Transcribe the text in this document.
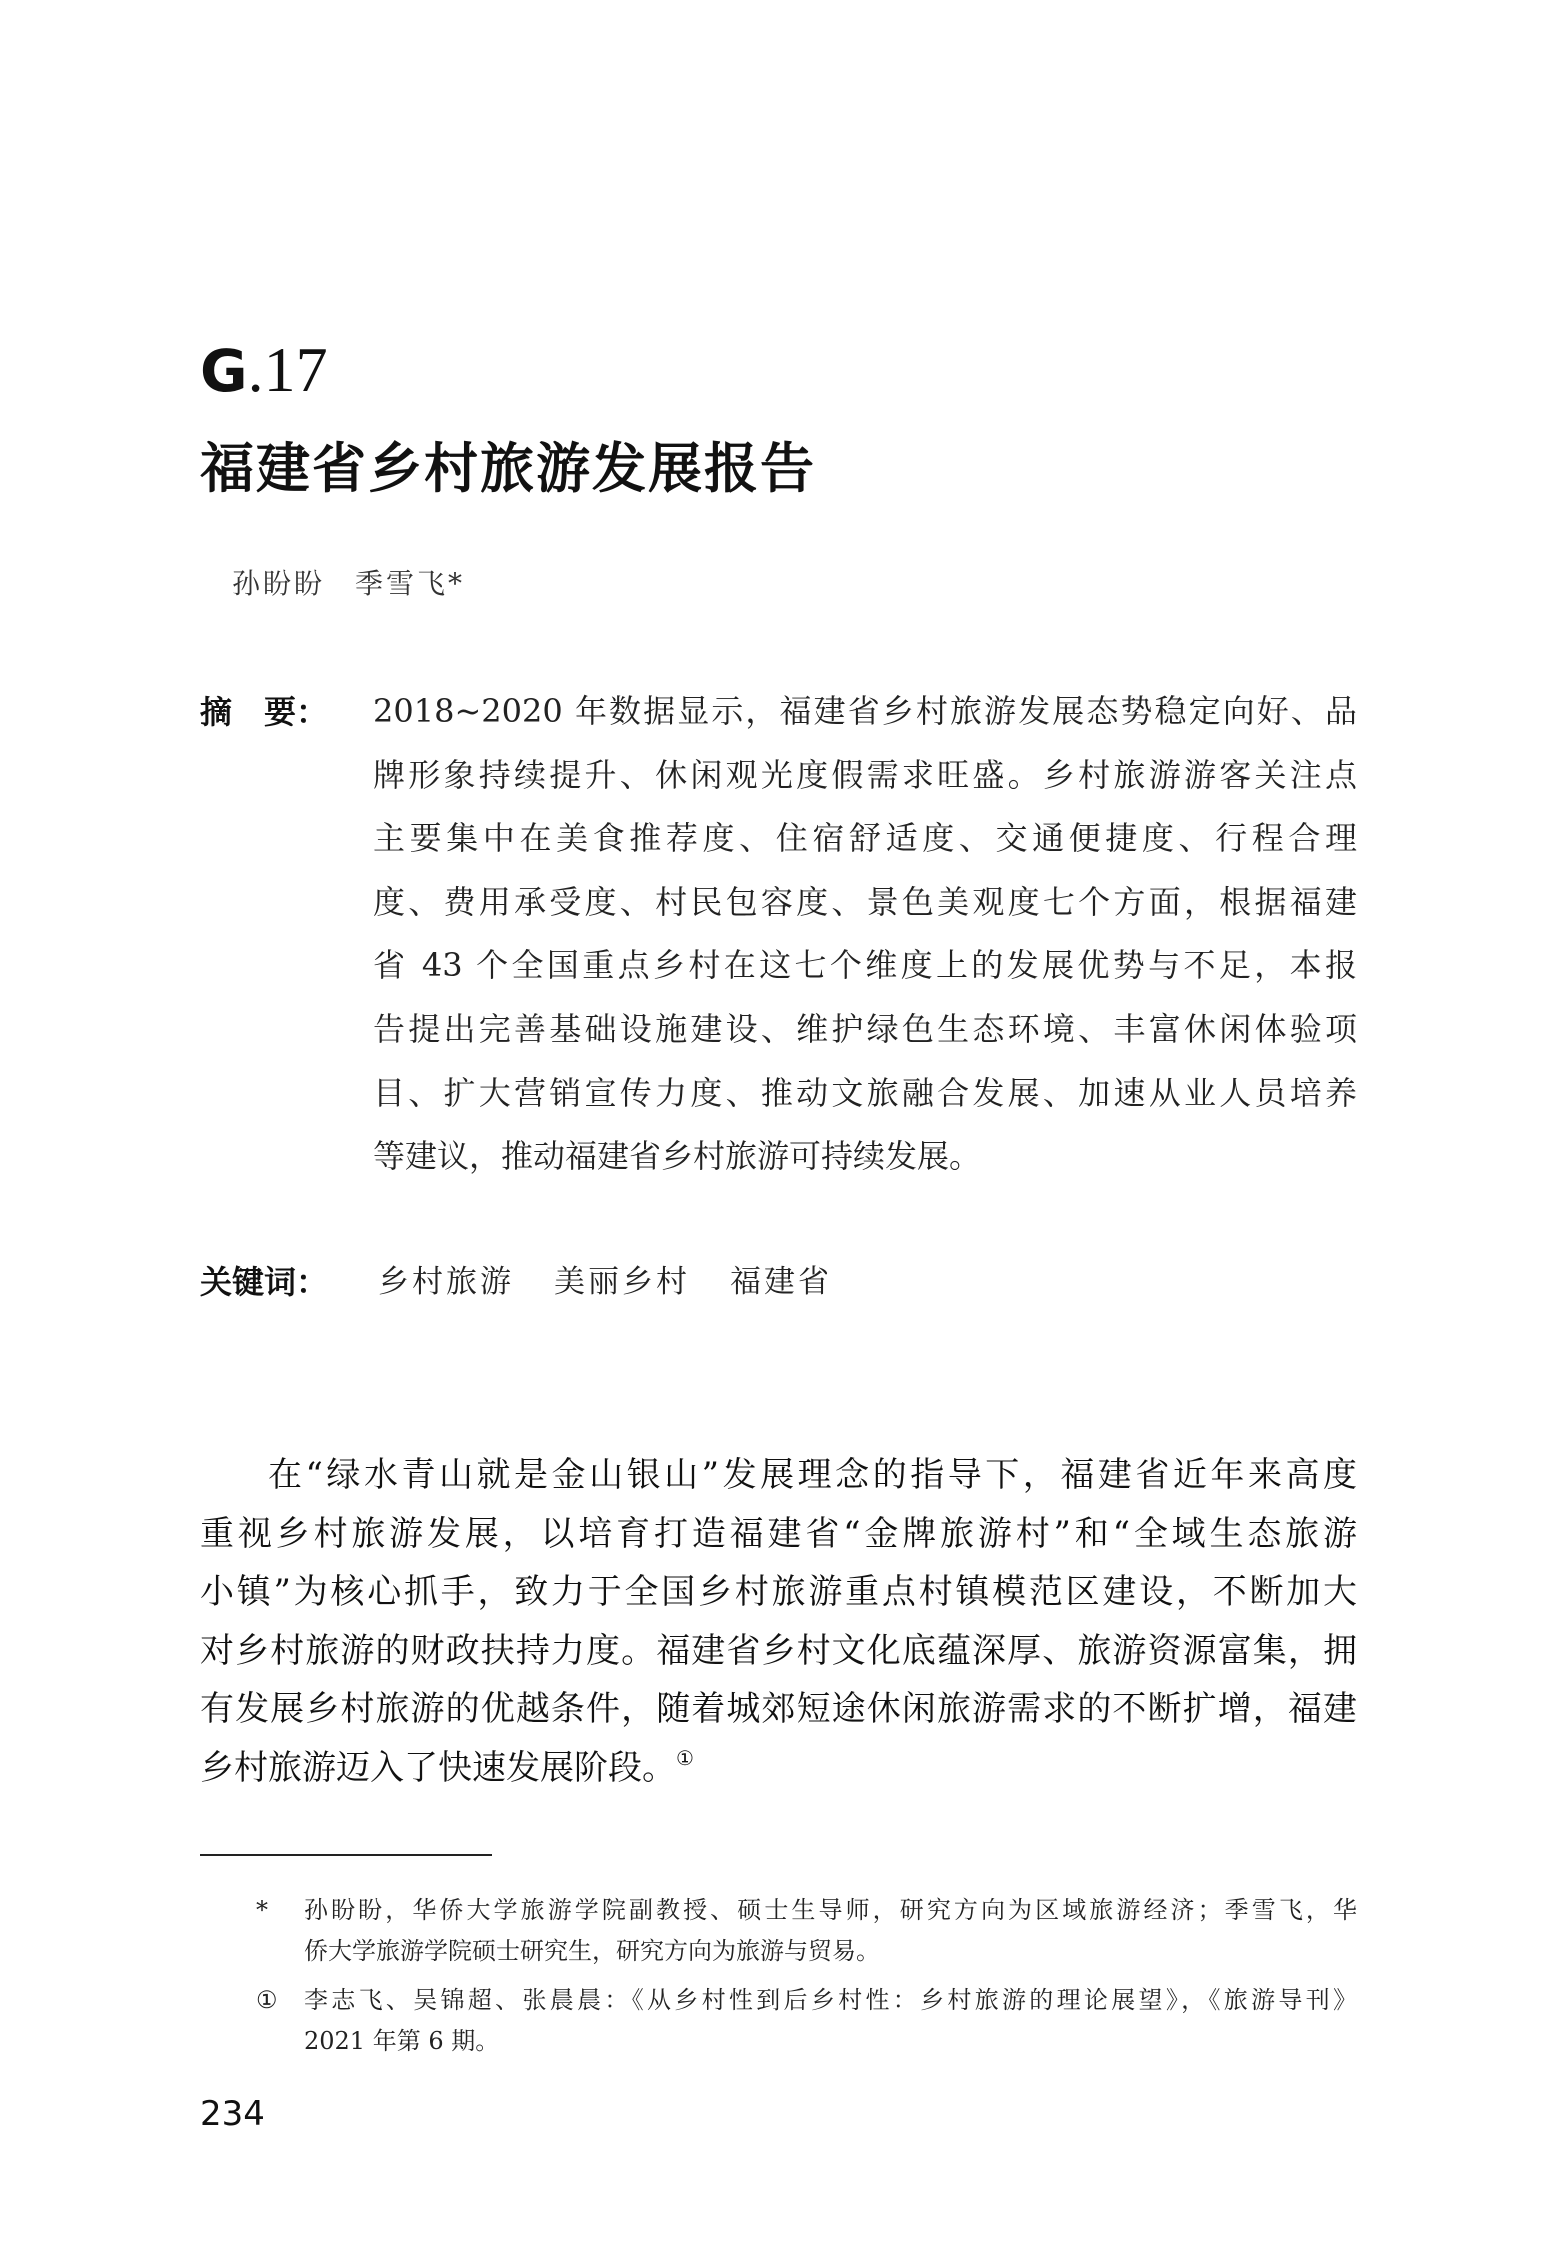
G.17
福建省乡村旅游发展报告
孙盼盼 季雪飞*
摘　要： 2018~2020 年数据显示，福建省乡村旅游发展态势稳定向好、品
牌形象持续提升、休闲观光度假需求旺盛。乡村旅游游客关注点
主要集中在美食推荐度、住宿舒适度、交通便捷度、行程合理
度、费用承受度、村民包容度、景色美观度七个方面，根据福建
省 43 个全国重点乡村在这七个维度上的发展优势与不足，本报
告提出完善基础设施建设、维护绿色生态环境、丰富休闲体验项
目、扩大营销宣传力度、推动文旅融合发展、加速从业人员培养
等建议，推动福建省乡村旅游可持续发展。
关键词： 乡村旅游 美丽乡村 福建省
在“绿水青山就是金山银山”发展理念的指导下，福建省近年来高度
重视乡村旅游发展，以培育打造福建省“金牌旅游村”和“全域生态旅游
小镇”为核心抓手，致力于全国乡村旅游重点村镇模范区建设，不断加大
对乡村旅游的财政扶持力度。福建省乡村文化底蕴深厚、旅游资源富集，拥
有发展乡村旅游的优越条件，随着城郊短途休闲旅游需求的不断扩增，福建
乡村旅游迈入了快速发展阶段。①
* 孙盼盼，华侨大学旅游学院副教授、硕士生导师，研究方向为区域旅游经济；季雪飞，华
侨大学旅游学院硕士研究生，研究方向为旅游与贸易。
① 李志飞、吴锦超、张晨晨：《从乡村性到后乡村性：乡村旅游的理论展望》，《旅游导刊》
2021 年第 6 期。
234
